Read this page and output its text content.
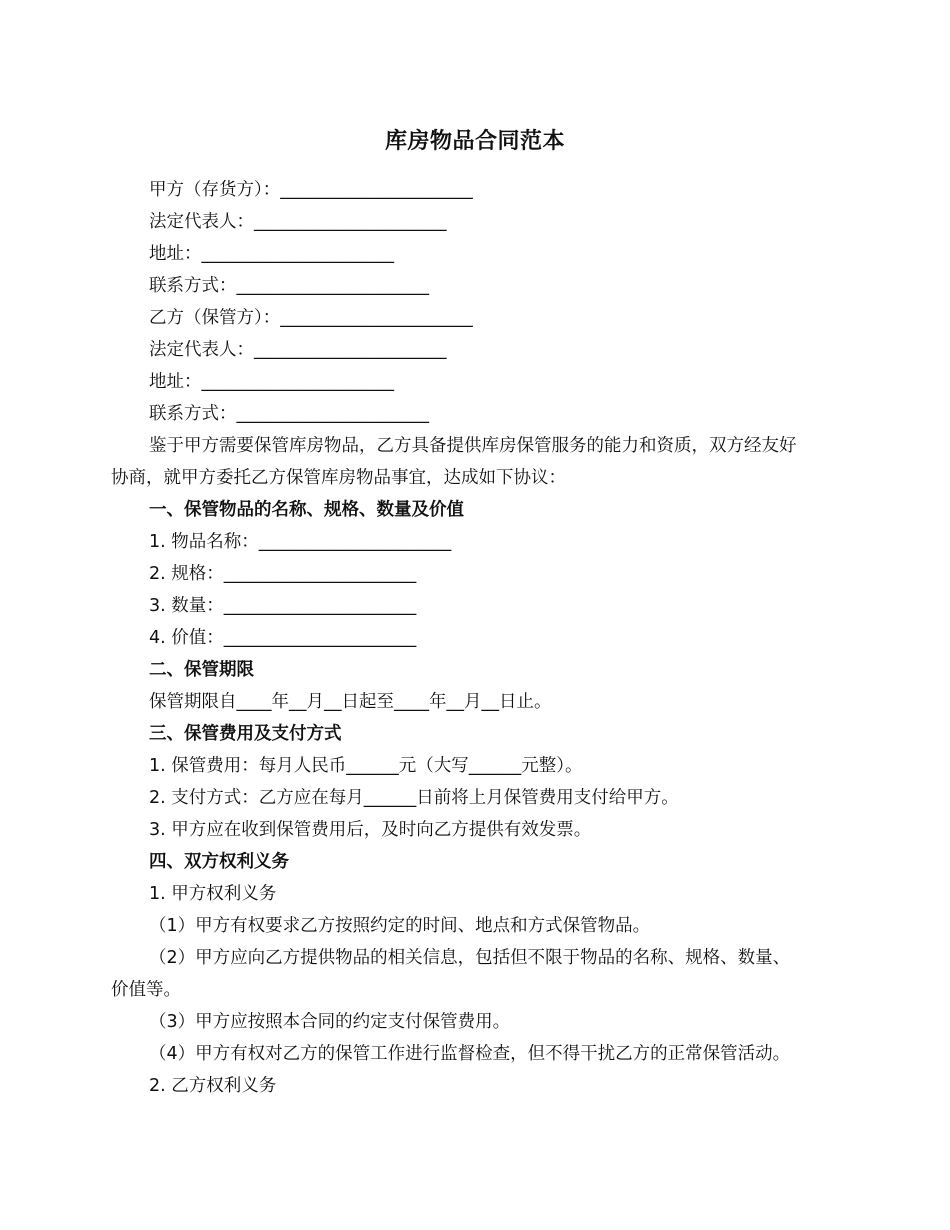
库房物品合同范本
甲方（存货方）：______________________
法定代表人：______________________
地址：______________________
联系方式：______________________
乙方（保管方）：______________________
法定代表人：______________________
地址：______________________
联系方式：______________________
鉴于甲方需要保管库房物品，乙方具备提供库房保管服务的能力和资质，双方经友好
协商，就甲方委托乙方保管库房物品事宜，达成如下协议：
一、保管物品的名称、规格、数量及价值
1. 物品名称：______________________
2. 规格：______________________
3. 数量：______________________
4. 价值：______________________
二、保管期限
保管期限自____年__月__日起至____年__月__日止。
三、保管费用及支付方式
1. 保管费用：每月人民币______元（大写______元整）。
2. 支付方式：乙方应在每月______日前将上月保管费用支付给甲方。
3. 甲方应在收到保管费用后，及时向乙方提供有效发票。
四、双方权利义务
1. 甲方权利义务
（1）甲方有权要求乙方按照约定的时间、地点和方式保管物品。
（2）甲方应向乙方提供物品的相关信息，包括但不限于物品的名称、规格、数量、
价值等。
（3）甲方应按照本合同的约定支付保管费用。
（4）甲方有权对乙方的保管工作进行监督检查，但不得干扰乙方的正常保管活动。
2. 乙方权利义务
